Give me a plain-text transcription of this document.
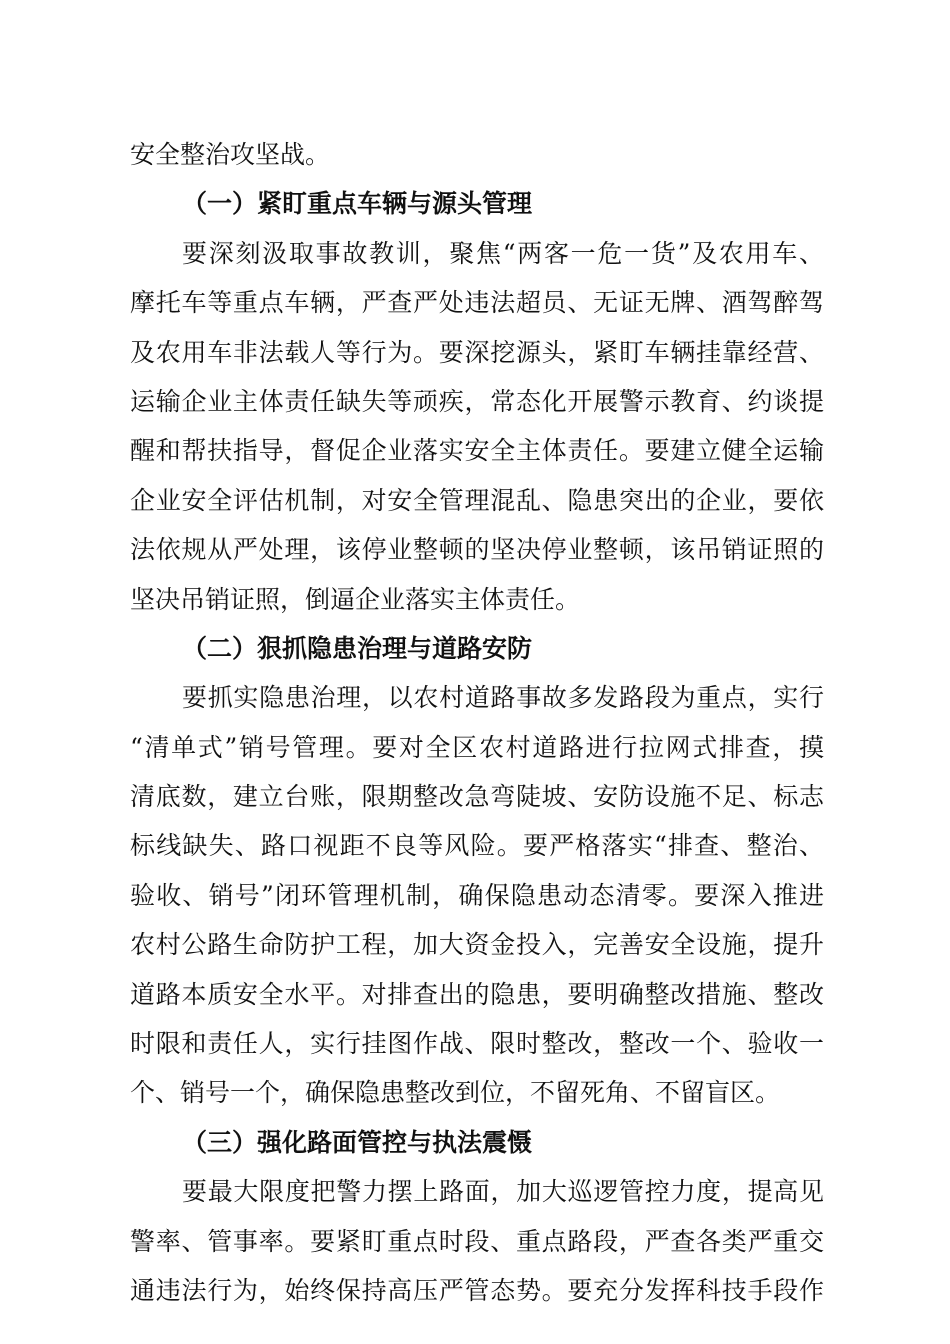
安全整治攻坚战。
（一）紧盯重点车辆与源头管理
要深刻汲取事故教训，聚焦“两客一危一货”及农用车、
摩托车等重点车辆，严查严处违法超员、无证无牌、酒驾醉驾
及农用车非法载人等行为。要深挖源头，紧盯车辆挂靠经营、
运输企业主体责任缺失等顽疾，常态化开展警示教育、约谈提
醒和帮扶指导，督促企业落实安全主体责任。要建立健全运输
企业安全评估机制，对安全管理混乱、隐患突出的企业，要依
法依规从严处理，该停业整顿的坚决停业整顿，该吊销证照的
坚决吊销证照，倒逼企业落实主体责任。
（二）狠抓隐患治理与道路安防
要抓实隐患治理，以农村道路事故多发路段为重点，实行
“清单式”销号管理。要对全区农村道路进行拉网式排查，摸
清底数，建立台账，限期整改急弯陡坡、安防设施不足、标志
标线缺失、路口视距不良等风险。要严格落实“排查、整治、
验收、销号”闭环管理机制，确保隐患动态清零。要深入推进
农村公路生命防护工程，加大资金投入，完善安全设施，提升
道路本质安全水平。对排查出的隐患，要明确整改措施、整改
时限和责任人，实行挂图作战、限时整改，整改一个、验收一
个、销号一个，确保隐患整改到位，不留死角、不留盲区。
（三）强化路面管控与执法震慑
要最大限度把警力摆上路面，加大巡逻管控力度，提高见
警率、管事率。要紧盯重点时段、重点路段，严查各类严重交
通违法行为，始终保持高压严管态势。要充分发挥科技手段作
